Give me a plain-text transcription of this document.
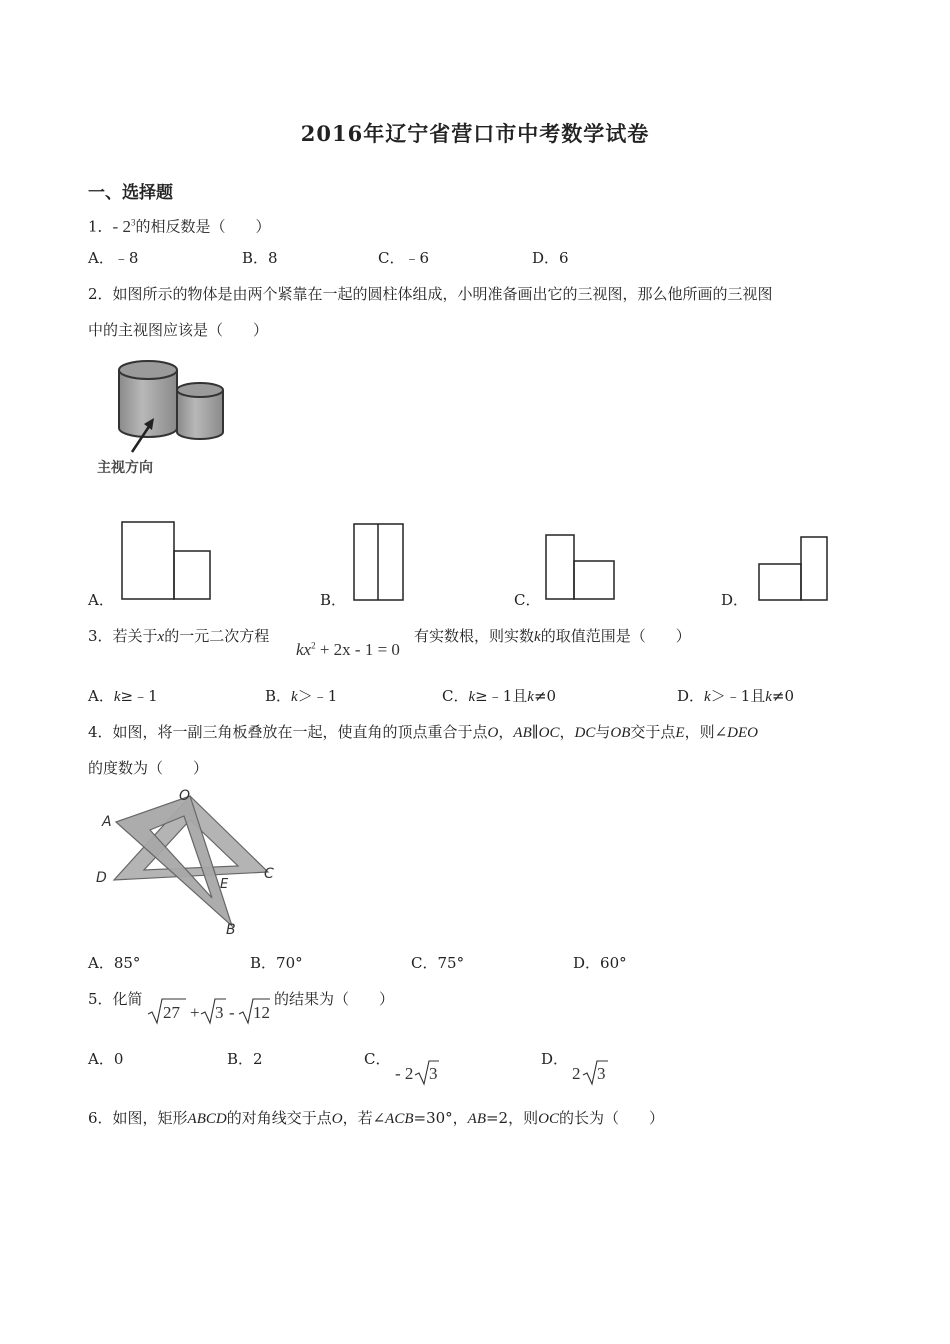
2016年辽宁省营口市中考数学试卷
一、选择题
1．- $2^3$的相反数是（　　）
A．﹣8	B．8	C．﹣6	D．6
2．如图所示的物体是由两个紧靠在一起的圆柱体组成，小明准备画出它的三视图，那么他所画的三视图
中的主视图应该是（　　）
主视方向
A．	B．	C．	D．
3．若关于x的一元二次方程
$kx^2 + 2x - 1 = 0$
有实数根，则实数k的取值范围是（　　）
A．k≥﹣1	B．k＞﹣1	C．k≥﹣1且k≠0	D．k＞﹣1且k≠0
4．如图，将一副三角板叠放在一起，使直角的顶点重合于点O，AB∥OC，DC与OB交于点E，则∠DEO
的度数为（　　）
O
A
D	C
E
B
A．85°	B．70°	C．75°	D．60°
5．化简
27 + 3 - 12
的结果为（　　）
A．0	B．2	C．
- 2 3
D．
2 3
6．如图，矩形ABCD的对角线交于点O，若∠ACB=30°，AB=2，则OC的长为（　　）
